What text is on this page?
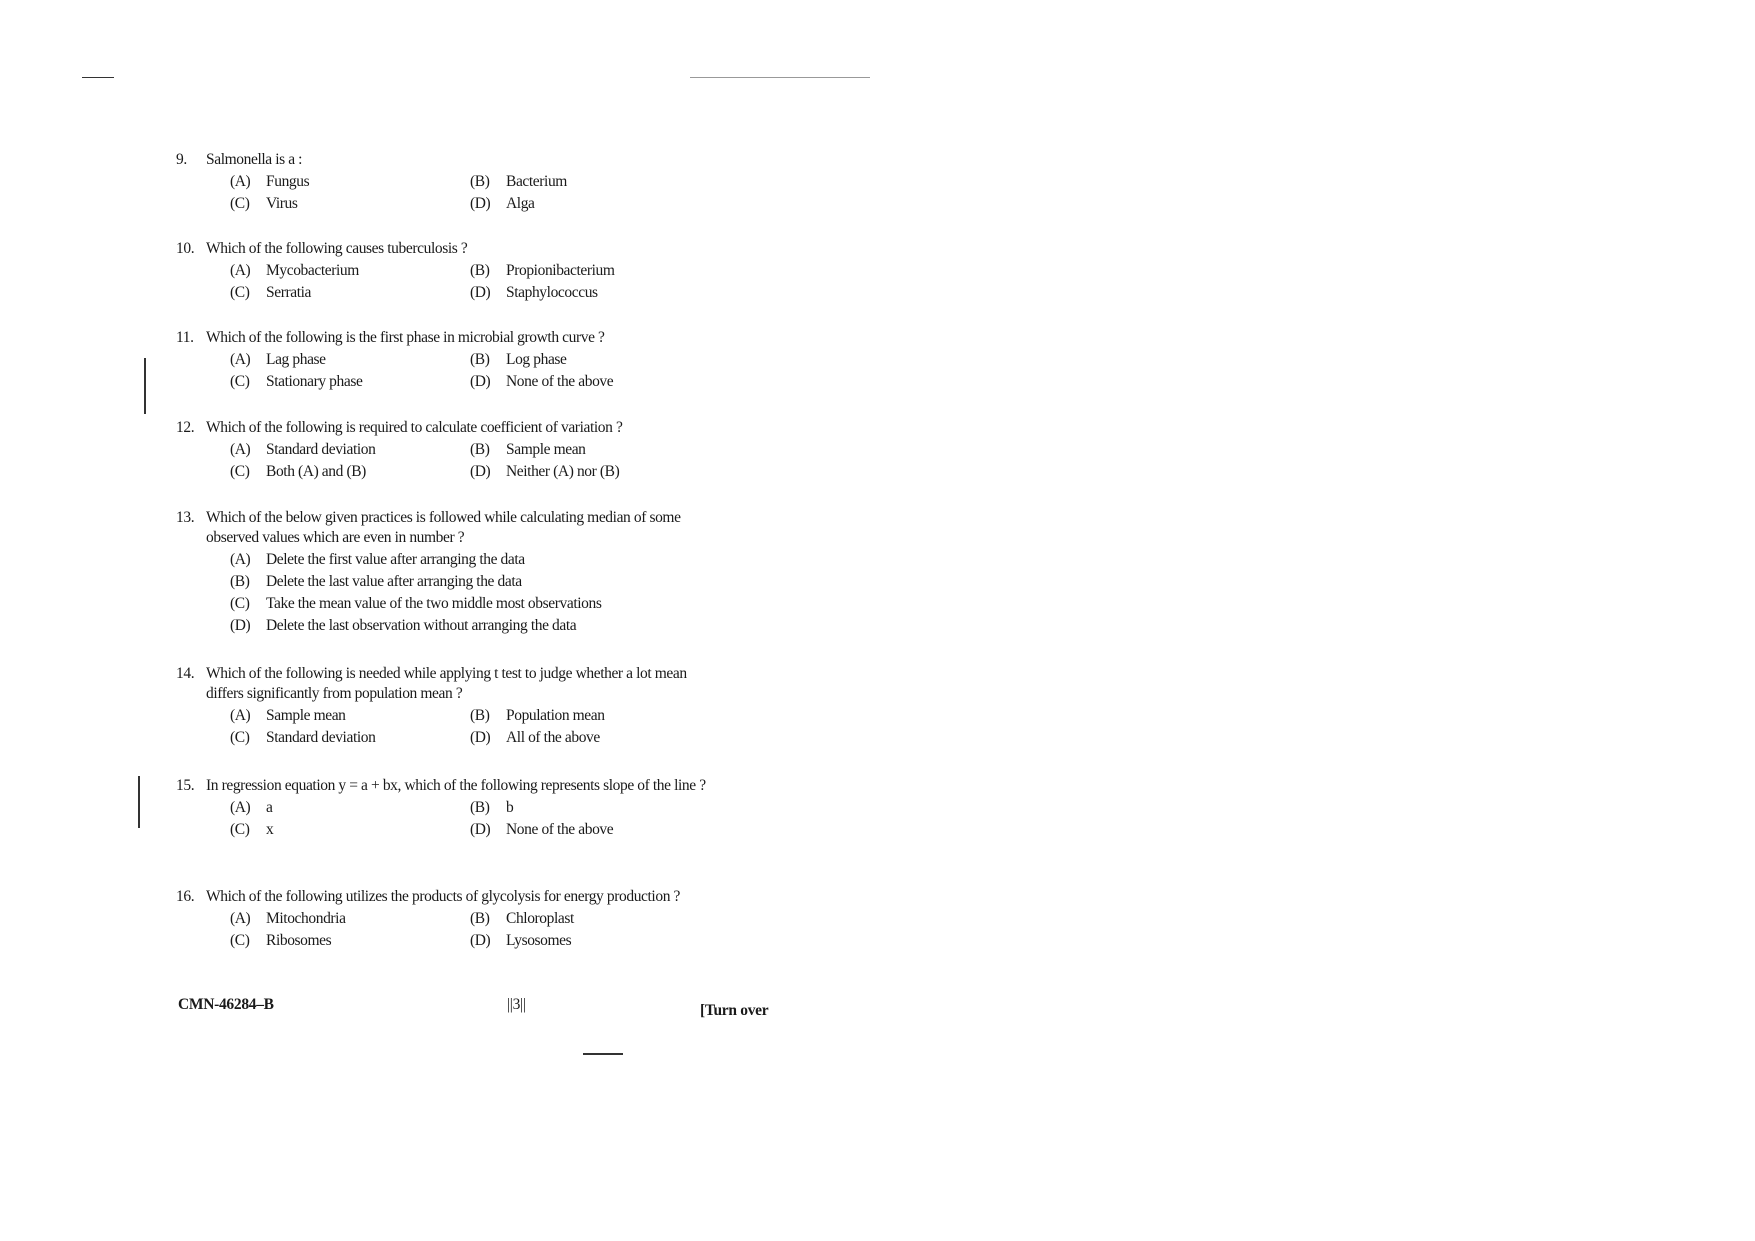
9.	Salmonella is a :
(A)	Fungus	(B)	Bacterium
(C)	Virus	(D)	Alga
10. Which of the following causes tuberculosis ?
(A)	Mycobacterium	(B)	Propionibacterium
(C)	Serratia	(D)	Staphylococcus
11. Which of the following is the first phase in microbial growth curve ?
(A)	Lag phase	(B)	Log phase
(C)	Stationary phase	(D)	None of the above
12. Which of the following is required to calculate coefficient of variation ?
(A)	Standard deviation	(B)	Sample mean
(C)	Both (A) and (B)	(D)	Neither (A) nor (B)
13. Which of the below given practices is followed while calculating median of some observed values which are even in number ?
(A)	Delete the first value after arranging the data
(B)	Delete the last value after arranging the data
(C)	Take the mean value of the two middle most observations
(D)	Delete the last observation without arranging the data
14. Which of the following is needed while applying t test to judge whether a lot mean differs significantly from population mean ?
(A)	Sample mean	(B)	Population mean
(C)	Standard deviation	(D)	All of the above
15. In regression equation y = a + bx, which of the following represents slope of the line ?
(A)	a	(B)	b
(C)	x	(D)	None of the above
16. Which of the following utilizes the products of glycolysis for energy production ?
(A)	Mitochondria	(B)	Chloroplast
(C)	Ribosomes	(D)	Lysosomes
CMN-46284–B	||3||	[Turn over
